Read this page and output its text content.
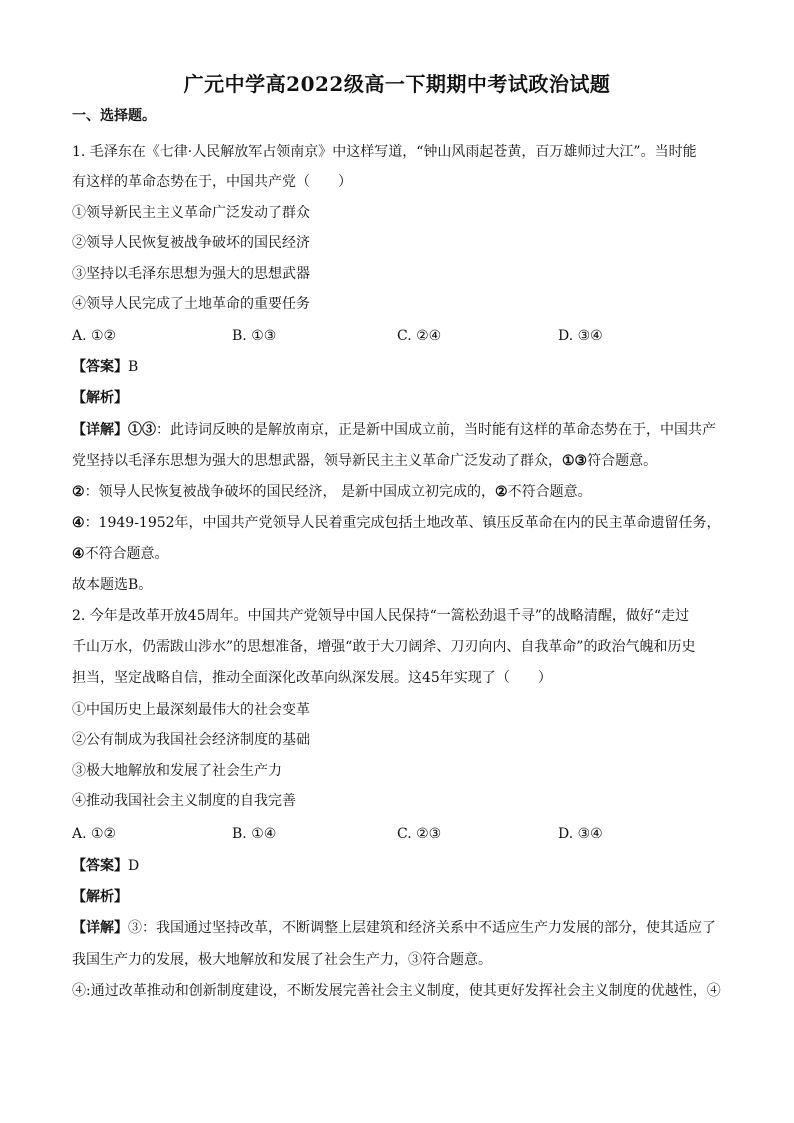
广元中学高2022级高一下期期中考试政治试题
一、选择题。
1. 毛泽东在《七律·人民解放军占领南京》中这样写道，“钟山风雨起苍黄，百万雄师过大江”。当时能
有这样的革命态势在于，中国共产党（　　）
①领导新民主主义革命广泛发动了群众
②领导人民恢复被战争破坏的国民经济
③坚持以毛泽东思想为强大的思想武器
④领导人民完成了土地革命的重要任务
A. ①②	B. ①③	C. ②④	D. ③④
【答案】B
【解析】
【详解】①③：此诗词反映的是解放南京，正是新中国成立前，当时能有这样的革命态势在于，中国共产
党坚持以毛泽东思想为强大的思想武器，领导新民主主义革命广泛发动了群众，①③符合题意。
②：领导人民恢复被战争破坏的国民经济， 是新中国成立初完成的，②不符合题意。
④：1949-1952年，中国共产党领导人民着重完成包括土地改革、镇压反革命在内的民主革命遗留任务，
④不符合题意。
故本题选B。
2. 今年是改革开放45周年。中国共产党领导中国人民保持“一篙松劲退千寻”的战略清醒，做好“走过
千山万水，仍需跋山涉水”的思想准备，增强“敢于大刀阔斧、刀刃向内、自我革命”的政治气魄和历史
担当，坚定战略自信，推动全面深化改革向纵深发展。这45年实现了（　　）
①中国历史上最深刻最伟大的社会变革
②公有制成为我国社会经济制度的基础
③极大地解放和发展了社会生产力
④推动我国社会主义制度的自我完善
A. ①②	B. ①④	C. ②③	D. ③④
【答案】D
【解析】
【详解】③：我国通过坚持改革，不断调整上层建筑和经济关系中不适应生产力发展的部分，使其适应了
我国生产力的发展，极大地解放和发展了社会生产力，③符合题意。
④:通过改革推动和创新制度建设，不断发展完善社会主义制度，使其更好发挥社会主义制度的优越性，④
